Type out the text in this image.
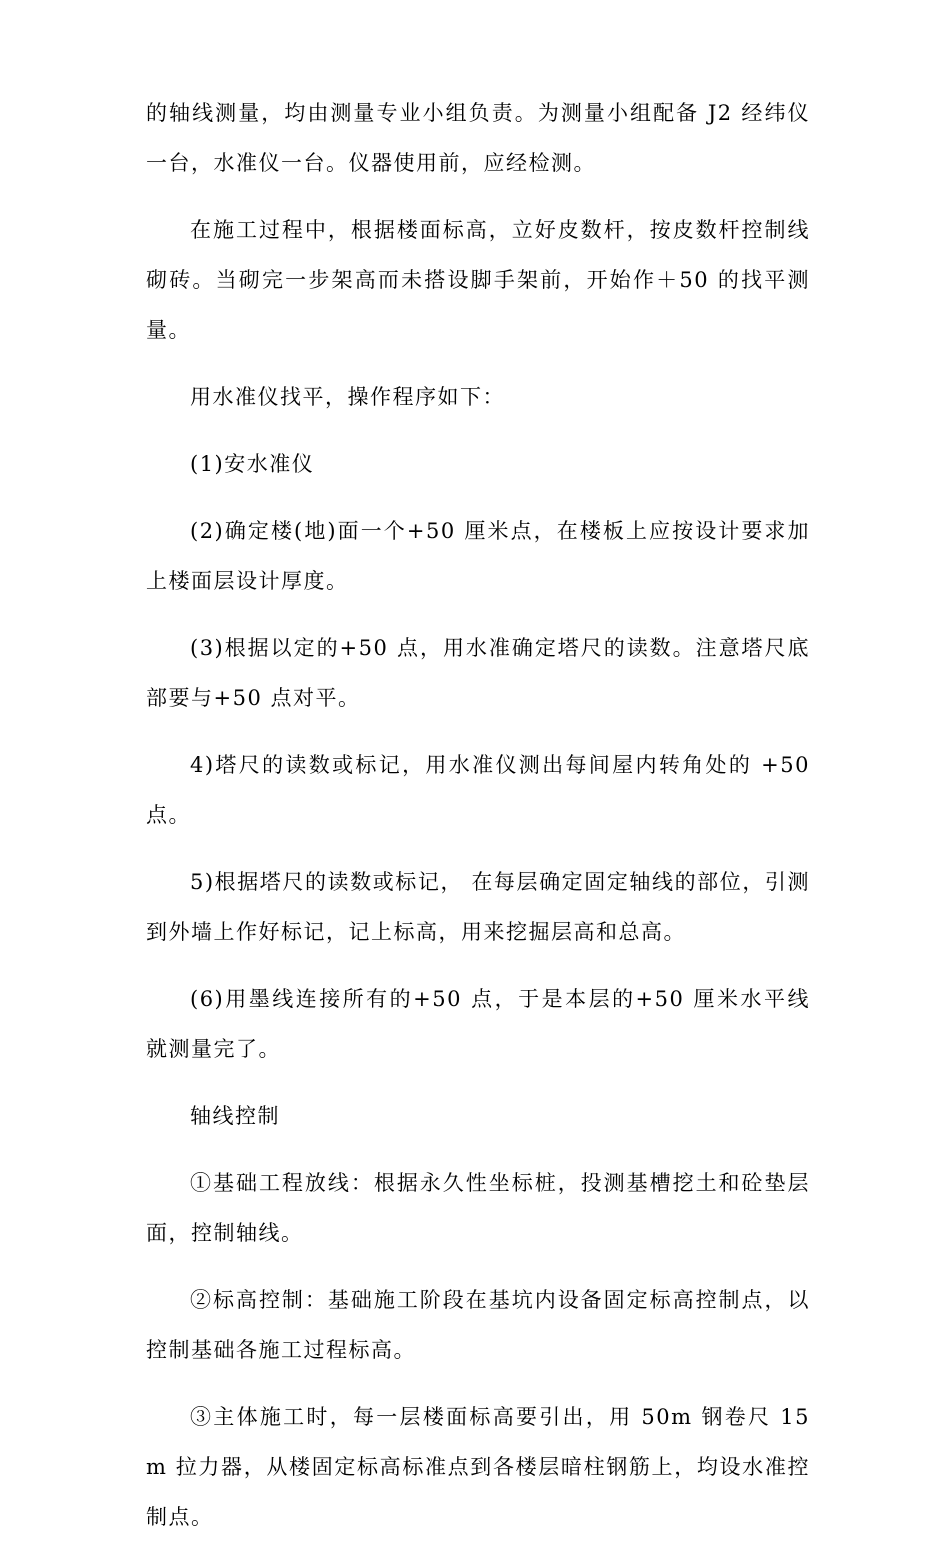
的轴线测量，均由测量专业小组负责。为测量小组配备 J2 经纬仪一台，水准仪一台。仪器使用前，应经检测。

在施工过程中，根据楼面标高，立好皮数杆，按皮数杆控制线砌砖。当砌完一步架高而未搭设脚手架前，开始作＋50 的找平测量。

用水准仪找平，操作程序如下：

(1)安水准仪

(2)确定楼(地)面一个+50 厘米点，在楼板上应按设计要求加上楼面层设计厚度。

(3)根据以定的+50 点，用水准确定塔尺的读数。注意塔尺底部要与+50 点对平。

4)塔尺的读数或标记，用水准仪测出每间屋内转角处的 +50 点。

5)根据塔尺的读数或标记， 在每层确定固定轴线的部位，引测到外墙上作好标记，记上标高，用来挖掘层高和总高。

(6)用墨线连接所有的+50 点，于是本层的+50 厘米水平线就测量完了。

轴线控制

①基础工程放线：根据永久性坐标桩，投测基槽挖土和砼垫层面，控制轴线。

②标高控制：基础施工阶段在基坑内设备固定标高控制点，以控制基础各施工过程标高。

③主体施工时，每一层楼面标高要引出，用 50m 钢卷尺 15m 拉力器，从楼固定标高标准点到各楼层暗柱钢筋上，均设水准控制点。
